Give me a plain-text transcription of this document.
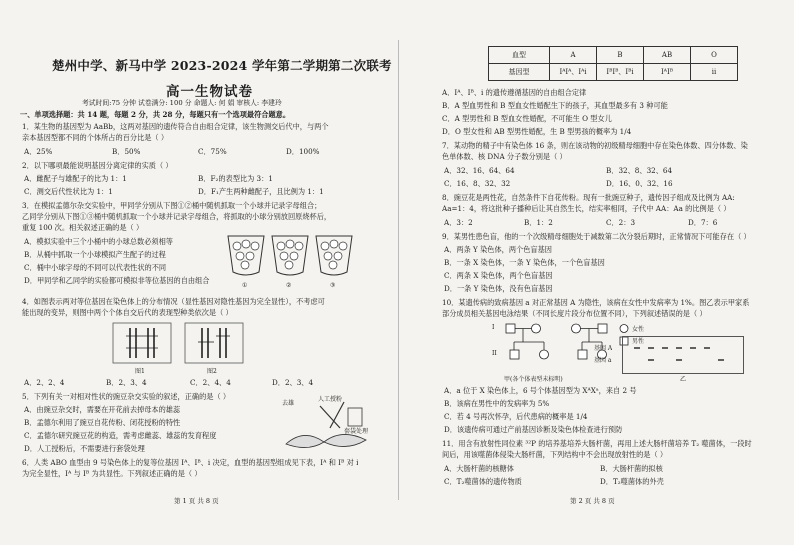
楚州中学、新马中学 2023-2024 学年第二学期第二次联考
高一生物试卷
考试时间:75 分钟 试卷满分: 100 分 命题人: 何 娟 审核人: 李建玲
一、单项选择题：共 14 题，每题 2 分，共 28 分，每题只有一个选项最符合题意。
1．某生物的基因型为 AaBb，这两对基因的遗传符合自由组合定律，该生物测交后代中，与两个
亲本基因型都不同的个体所占的百分比是（ ）
A．25%	B．50%	C．75%	D．100%
2．以下哪项最能说明基因分离定律的实质（ ）
A．雌配子与雄配子的比为 1：1	B．F₂的表型比为 3：1
C．测交后代性状比为 1：1	D．F₁产生两种雌配子，且比例为 1：1
3．在模拟孟德尔杂交实验中，甲同学分别从下图①②桶中随机抓取一个小球并记录字母组合；
乙同学分别从下图①③桶中随机抓取一个小球并记录字母组合，将抓取的小球分别放回原烧杯后，
重复 100 次。相关叙述正确的是（ ）
A．模拟实验中三个小桶中的小球总数必须相等
B．从桶中抓取一个小球模拟产生配子的过程
C．桶中小球字母的不同可以代表性状的不同
D．甲同学和乙同学的实验都可模拟非等位基因的自由组合
①	②	③
4．如图表示两对等位基因在染色体上的分布情况（显性基因对隐性基因为完全显性），不考虑可
能出现的变异，则图中两个个体自交后代的表现型种类依次是（ ）
图1	图2
A．2、2、4	B．2、3、4	C．2、4、4	D．2、3、4
5．下列有关一对相对性状的豌豆杂交实验的叙述，正确的是（ ）
A．由豌豆杂交时，需要在开花前去掉母本的雄蕊
B．孟德尔利用了豌豆自花传粉、闭花授粉的特性
C．孟德尔研究豌豆花的构造，需考虑雌蕊、雄蕊的发育程度
D．人工授粉后，不需要进行套袋处理
去雄
人工授粉
套袋处理
6．人类 ABO 血型由 9 号染色体上的复等位基因 Iᴬ、Iᴮ、i 决定，血型的基因型组成见下表，Iᴬ 和 Iᴮ 对 i
为完全显性，Iᴬ 与 Iᴮ 为共显性。下列叙述正确的是（ ）
第 1 页 共 8 页
血型	A	B	AB	O
基因型	IᴬIᴬ、Iᴬi	IᴮIᴮ、Iᴮi	IᴬIᴮ	ii
A．Iᴬ、Iᴮ、i 的遗传遵循基因的自由组合定律
B．A 型血男性和 B 型血女性婚配生下的孩子，其血型最多有 3 种可能
C．A 型男性和 B 型血女性婚配，不可能生 O 型女儿
D．O 型女性和 AB 型男性婚配，生 B 型男孩的概率为 1/4
7．某动物的精子中有染色体 16 条，则在该动物的初级精母细胞中存在染色体数、四分体数、染
色单体数、核 DNA 分子数分别是（ ）
A．32、16、64、64	B．32、8、32、64
C．16、8、32、32	D．16、0、32、16
8．豌豆花是两性花，自然条件下自花传粉。现有一批豌豆种子，遗传因子组成及比例为 AA:
Aa=1：4，将这批种子播种后让其自然生长，结实率相同，子代中 AA：Aa 的比例是（ ）
A．3：2	B．1：2	C．2：3	D．7：6
9．某男性患色盲，他的一个次级精母细胞处于减数第二次分裂后期时，正常情况下可能存在（ ）
A．两条 Y 染色体，两个色盲基因
B．一条 X 染色体，一条 Y 染色体，一个色盲基因
C．两条 X 染色体，两个色盲基因
D．一条 Y 染色体，没有色盲基因
10．某遗传病的致病基因 a 对正常基因 A 为隐性，该病在女性中发病率为 1%。图乙表示甲家系
部分成员相关基因电泳结果（不同长度片段分布位置不同），下列叙述错误的是（ ）
女性
男性
I
II
基因 A
基因 a
甲(各个体表型未标明)	乙
A．a 位于 X 染色体上，6 号个体基因型为 XᴬXᵃ，来自 2 号
B．该病在男性中的发病率为 5%
C．若 4 号再次怀孕，后代患病的概率是 1/4
D．该遗传病可通过产前基因诊断及染色体检查进行预防
11．用含有放射性同位素 ³²P 的培养基培养大肠杆菌，再用上述大肠杆菌培养 T₂ 噬菌体，一段时
间后，用该噬菌体侵染大肠杆菌，下列结构中不会出现放射性的是（ ）
A．大肠杆菌的核糖体	B．大肠杆菌的拟核
C．T₂噬菌体的遗传物质	D．T₂噬菌体的外壳
第 2 页 共 8 页
